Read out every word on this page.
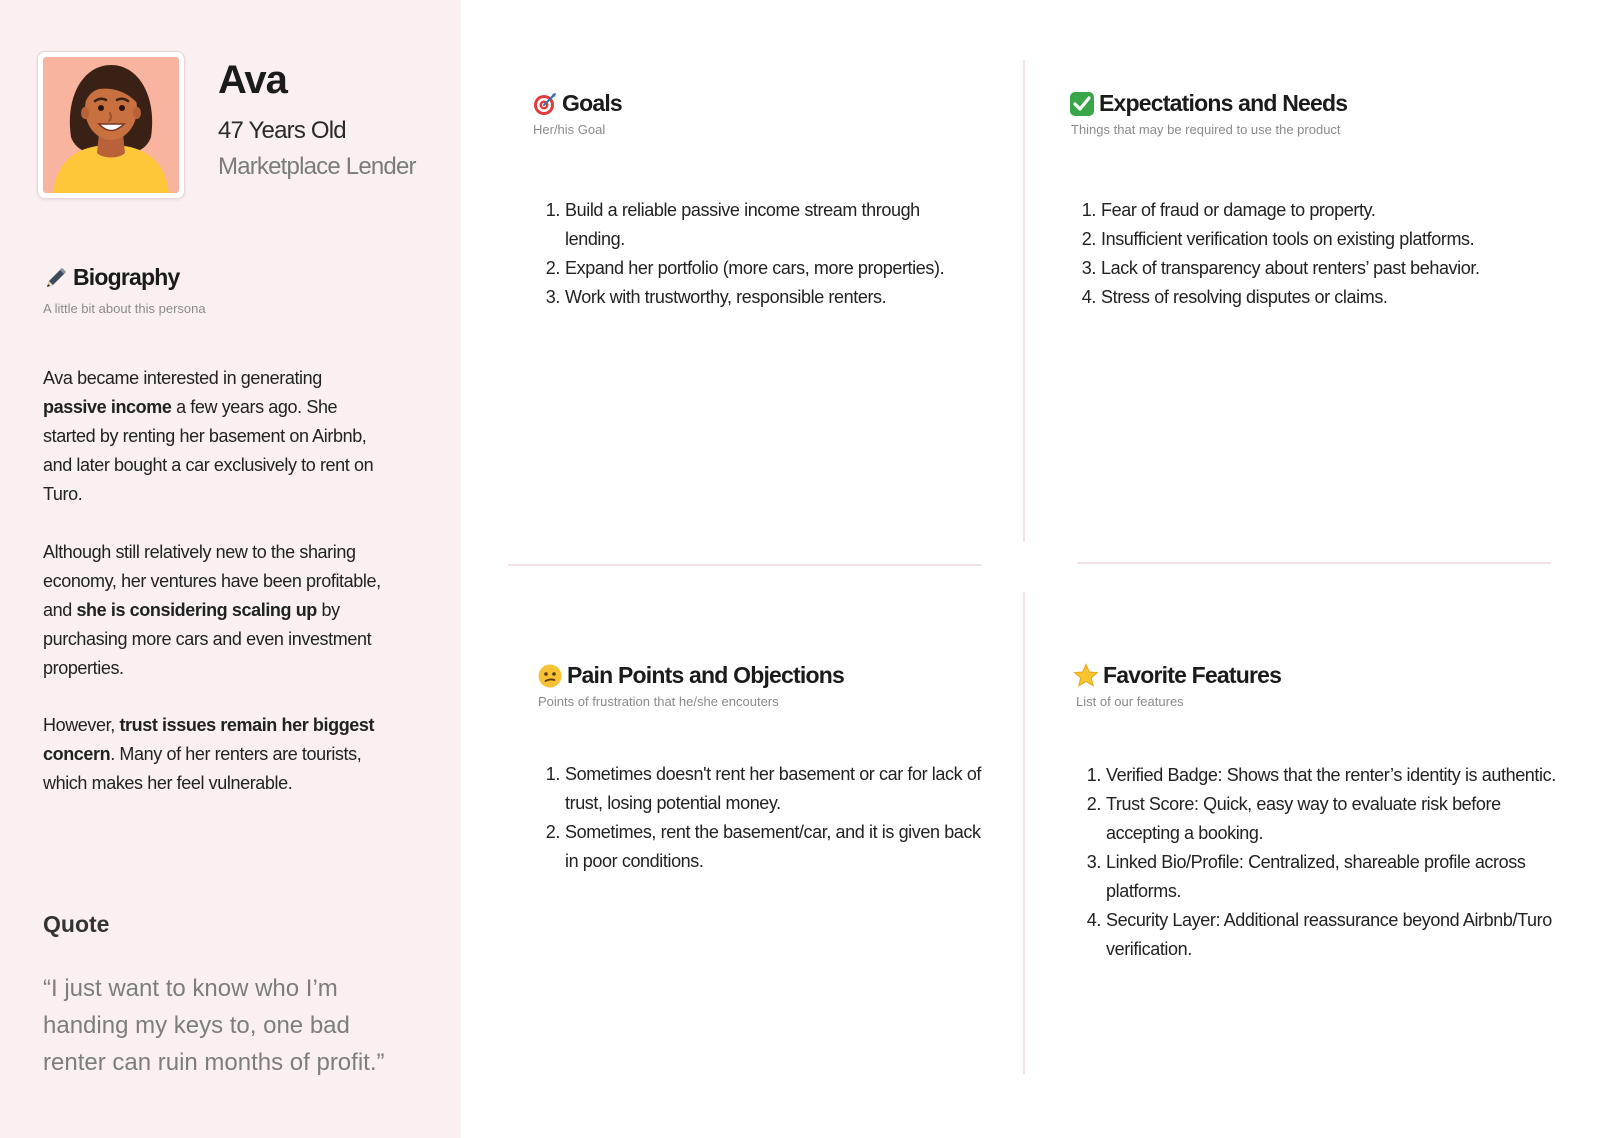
Ava
47 Years Old
Marketplace Lender
Biography
A little bit about this persona
Ava became interested in generating passive income a few years ago. She started by renting her basement on Airbnb, and later bought a car exclusively to rent on Turo.
Although still relatively new to the sharing economy, her ventures have been profitable, and she is considering scaling up by purchasing more cars and even investment properties.
However, trust issues remain her biggest concern. Many of her renters are tourists, which makes her feel vulnerable.
Quote
“I just want to know who I’m handing my keys to, one bad renter can ruin months of profit.”
Goals
Her/his Goal
1. Build a reliable passive income stream through lending.
2. Expand her portfolio (more cars, more properties).
3. Work with trustworthy, responsible renters.
Expectations and Needs
Things that may be required to use the product
1. Fear of fraud or damage to property.
2. Insufficient verification tools on existing platforms.
3. Lack of transparency about renters’ past behavior.
4. Stress of resolving disputes or claims.
Pain Points and Objections
Points of frustration that he/she encouters
1. Sometimes doesn't rent her basement or car for lack of trust, losing potential money.
2. Sometimes, rent the basement/car, and it is given back in poor conditions.
Favorite Features
List of our features
1. Verified Badge: Shows that the renter’s identity is authentic.
2. Trust Score: Quick, easy way to evaluate risk before accepting a booking.
3. Linked Bio/Profile: Centralized, shareable profile across platforms.
4. Security Layer: Additional reassurance beyond Airbnb/Turo verification.
